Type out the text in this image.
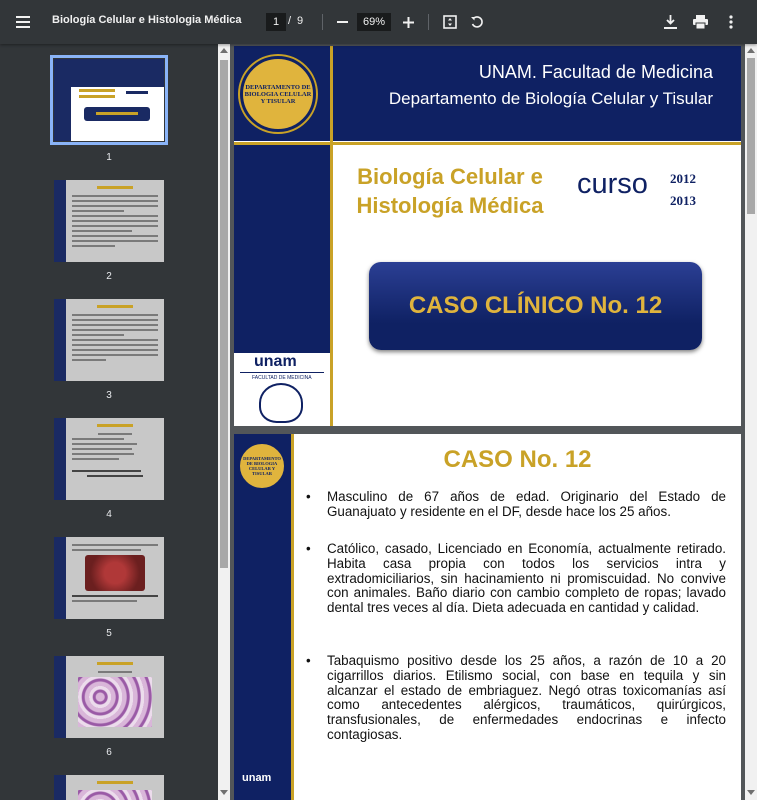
Biología Celular e Histologia Médica
1	/ 9
69%
1
2
3
4
5
6
DEPARTAMENTO DE BIOLOGIA CELULAR Y TISULAR
UNAM. Facultad de Medicina
Departamento de Biología Celular y Tisular
Biología Celular e Histología Médica
curso 2012
2013
CASO CLÍNICO No. 12
unam
FACULTAD DE MEDICINA
DEPARTAMENTO DE BIOLOGIA CELULAR Y TISULAR
unam
CASO No. 12
• Masculino de 67 años de edad. Originario del Estado de Guanajuato y residente en el DF, desde hace los 25 años.
• Católico, casado, Licenciado en Economía, actualmente retirado. Habita casa propia con todos los servicios intra y extradomiciliarios, sin hacinamiento ni promiscuidad. No convive con animales. Baño diario con cambio completo de ropas; lavado dental tres veces al día. Dieta adecuada en cantidad y calidad.
• Tabaquismo positivo desde los 25 años, a razón de 10 a 20 cigarrillos diarios. Etilismo social, con base en tequila y sin alcanzar el estado de embriaguez. Negó otras toxicomanías así como antecedentes alérgicos, traumáticos, quirúrgicos, transfusionales, de enfermedades endocrinas e infecto contagiosas.
